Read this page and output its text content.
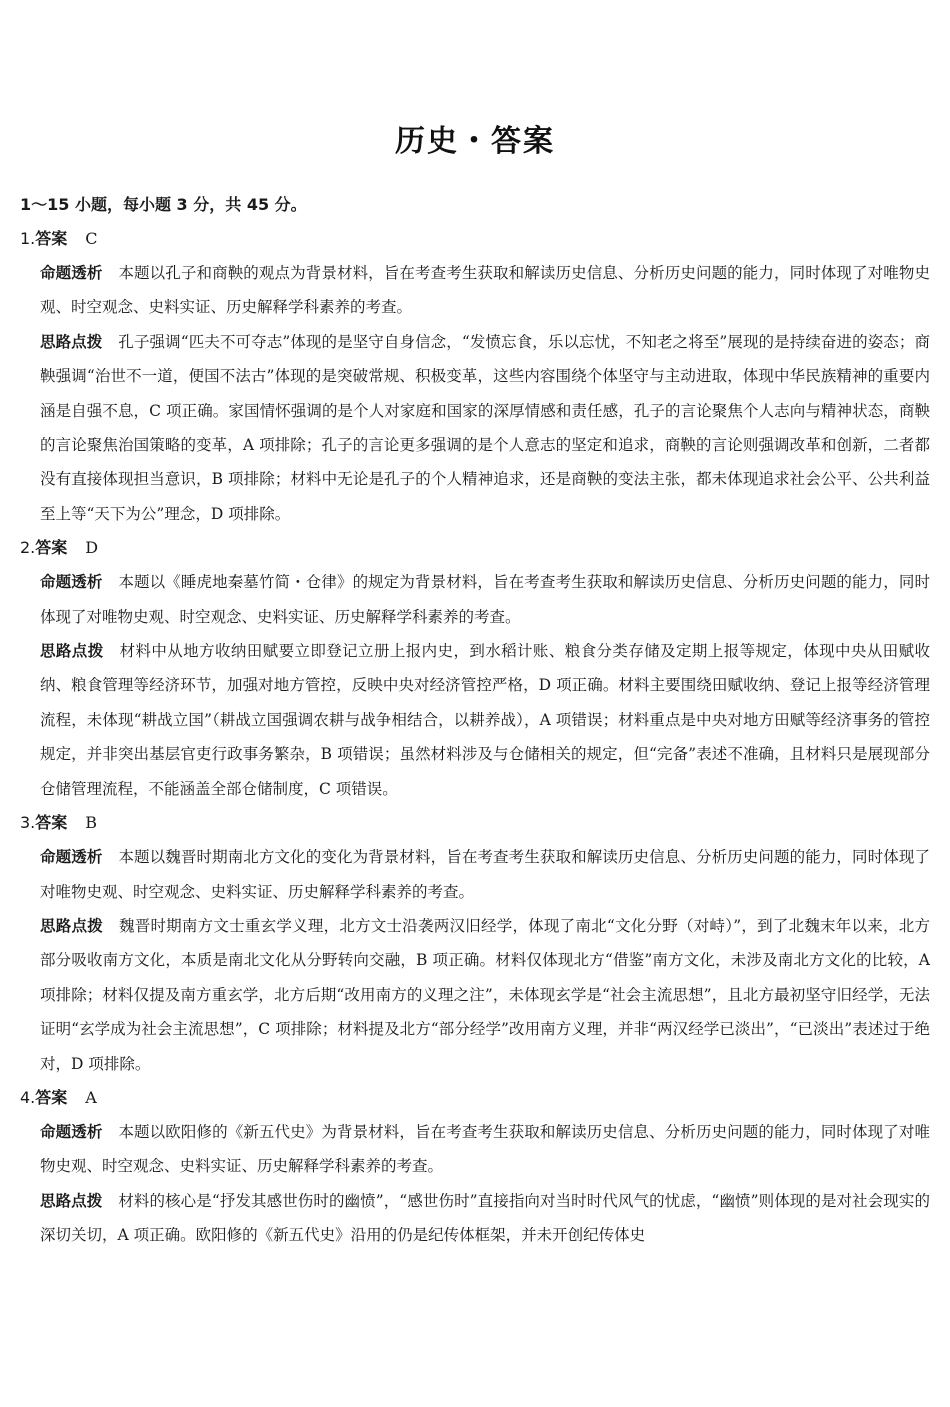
历史・答案
1～15 小题，每小题 3 分，共 45 分。
1.答案 C

命题透析 本题以孔子和商鞅的观点为背景材料，旨在考查考生获取和解读历史信息、分析历史问题的能力，同时体现了对唯物史观、时空观念、史料实证、历史解释学科素养的考查。

思路点拨 孔子强调“匹夫不可夺志”体现的是坚守自身信念，“发愤忘食，乐以忘忧，不知老之将至”展现的是持续奋进的姿态；商鞅强调“治世不一道，便国不法古”体现的是突破常规、积极变革，这些内容围绕个体坚守与主动进取，体现中华民族精神的重要内涵是自强不息，C 项正确。家国情怀强调的是个人对家庭和国家的深厚情感和责任感，孔子的言论聚焦个人志向与精神状态，商鞅的言论聚焦治国策略的变革，A 项排除；孔子的言论更多强调的是个人意志的坚定和追求，商鞅的言论则强调改革和创新，二者都没有直接体现担当意识，B 项排除；材料中无论是孔子的个人精神追求，还是商鞅的变法主张，都未体现追求社会公平、公共利益至上等“天下为公”理念，D 项排除。

2.答案 D

命题透析 本题以《睡虎地秦墓竹简・仓律》的规定为背景材料，旨在考查考生获取和解读历史信息、分析历史问题的能力，同时体现了对唯物史观、时空观念、史料实证、历史解释学科素养的考查。

思路点拨 材料中从地方收纳田赋要立即登记立册上报内史，到水稻计账、粮食分类存储及定期上报等规定，体现中央从田赋收纳、粮食管理等经济环节，加强对地方管控，反映中央对经济管控严格，D 项正确。材料主要围绕田赋收纳、登记上报等经济管理流程，未体现“耕战立国”（耕战立国强调农耕与战争相结合，以耕养战），A 项错误；材料重点是中央对地方田赋等经济事务的管控规定，并非突出基层官吏行政事务繁杂，B 项错误；虽然材料涉及与仓储相关的规定，但“完备”表述不准确，且材料只是展现部分仓储管理流程，不能涵盖全部仓储制度，C 项错误。

3.答案 B

命题透析 本题以魏晋时期南北方文化的变化为背景材料，旨在考查考生获取和解读历史信息、分析历史问题的能力，同时体现了对唯物史观、时空观念、史料实证、历史解释学科素养的考查。

思路点拨 魏晋时期南方文士重玄学义理，北方文士沿袭两汉旧经学，体现了南北“文化分野（对峙）”，到了北魏末年以来，北方部分吸收南方文化，本质是南北文化从分野转向交融，B 项正确。材料仅体现北方“借鉴”南方文化，未涉及南北方文化的比较，A 项排除；材料仅提及南方重玄学，北方后期“改用南方的义理之注”，未体现玄学是“社会主流思想”，且北方最初坚守旧经学，无法证明“玄学成为社会主流思想”，C 项排除；材料提及北方“部分经学”改用南方义理，并非“两汉经学已淡出”，“已淡出”表述过于绝对，D 项排除。

4.答案 A

命题透析 本题以欧阳修的《新五代史》为背景材料，旨在考查考生获取和解读历史信息、分析历史问题的能力，同时体现了对唯物史观、时空观念、史料实证、历史解释学科素养的考查。

思路点拨 材料的核心是“抒发其感世伤时的幽愤”，“感世伤时”直接指向对当时时代风气的忧虑，“幽愤”则体现的是对社会现实的深切关切，A 项正确。欧阳修的《新五代史》沿用的仍是纪传体框架，并未开创纪传体史
